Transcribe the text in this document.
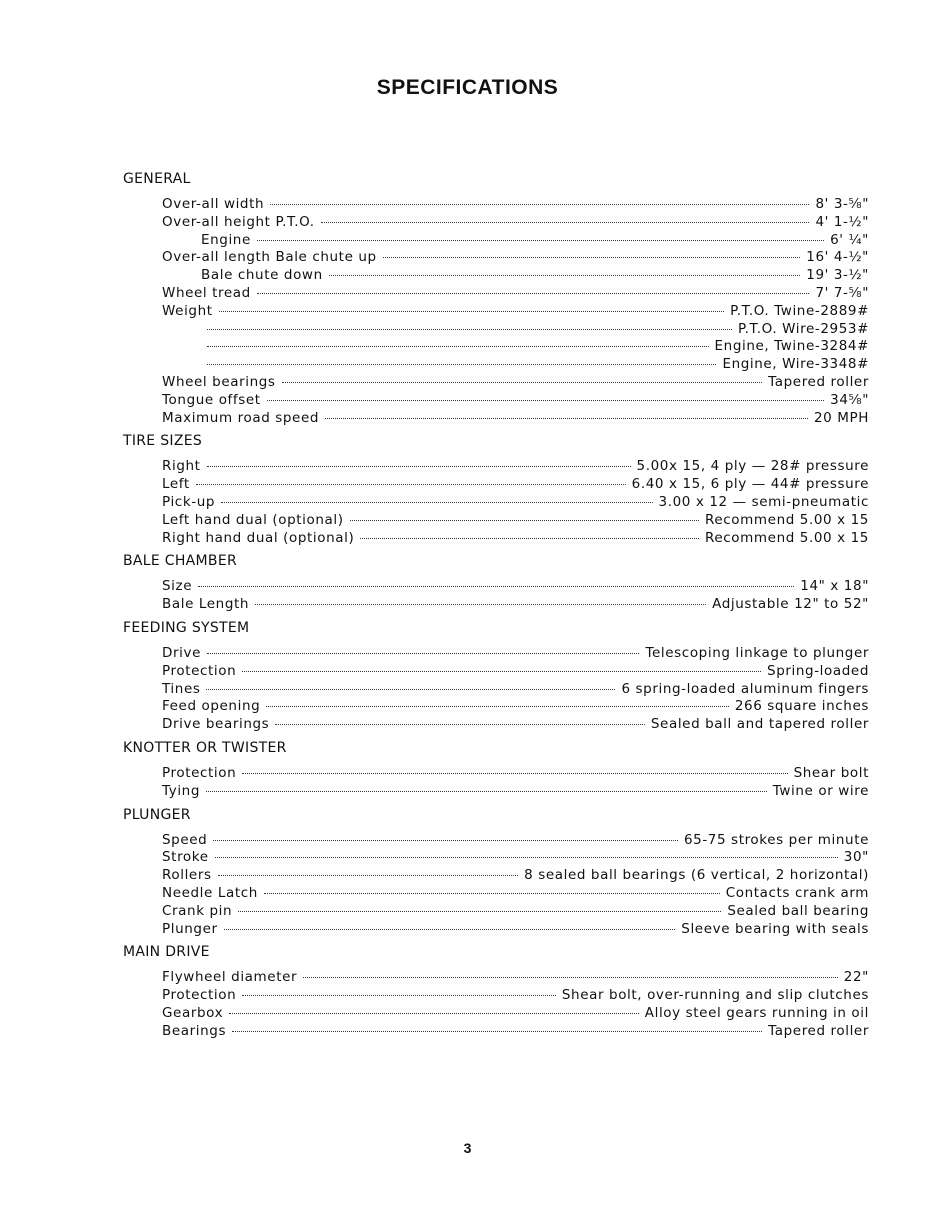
SPECIFICATIONS
GENERAL
Over-all width	8' 3-⅝"
Over-all height P.T.O.	4' 1-½"
Engine	6' ¼"
Over-all length Bale chute up	16' 4-½"
Bale chute down	19' 3-½"
Wheel tread	7' 7-⅝"
Weight	P.T.O. Twine-2889#
P.T.O. Wire-2953#
Engine, Twine-3284#
Engine, Wire-3348#
Wheel bearings	Tapered roller
Tongue offset	34⅝"
Maximum road speed	20 MPH
TIRE SIZES
Right	5.00x 15, 4 ply — 28# pressure
Left	6.40 x 15, 6 ply — 44# pressure
Pick-up	3.00 x 12 — semi-pneumatic
Left hand dual (optional)	Recommend 5.00 x 15
Right hand dual (optional)	Recommend 5.00 x 15
BALE CHAMBER
Size	14" x 18"
Bale Length	Adjustable 12" to 52"
FEEDING SYSTEM
Drive	Telescoping linkage to plunger
Protection	Spring-loaded
Tines	6 spring-loaded aluminum fingers
Feed opening	266 square inches
Drive bearings	Sealed ball and tapered roller
KNOTTER OR TWISTER
Protection	Shear bolt
Tying	Twine or wire
PLUNGER
Speed	65-75 strokes per minute
Stroke	30"
Rollers	8 sealed ball bearings (6 vertical, 2 horizontal)
Needle Latch	Contacts crank arm
Crank pin	Sealed ball bearing
Plunger	Sleeve bearing with seals
MAIN DRIVE
Flywheel diameter	22"
Protection	Shear bolt, over-running and slip clutches
Gearbox	Alloy steel gears running in oil
Bearings	Tapered roller
3
